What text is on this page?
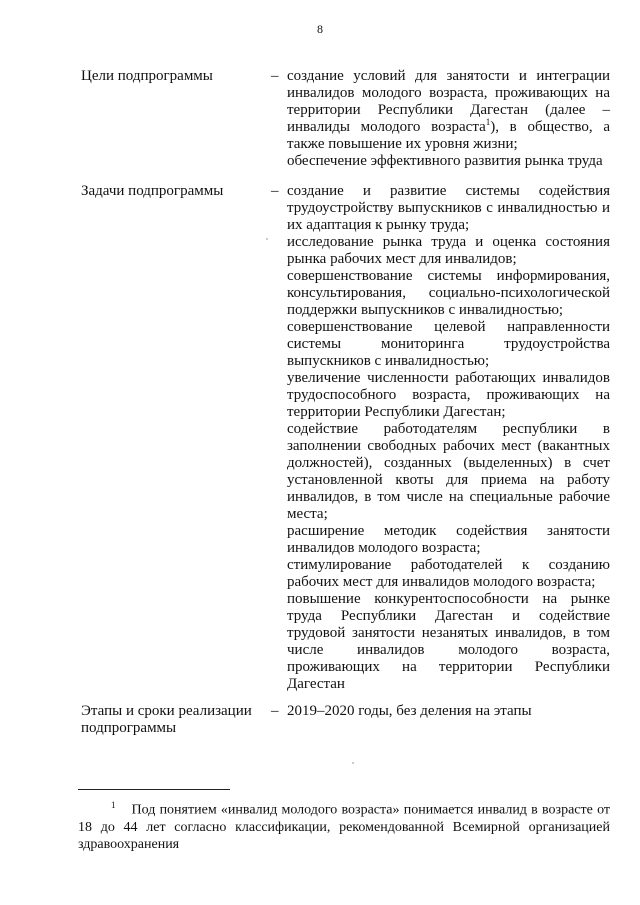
8
Цели подпрограммы	– создание условий для занятости и интеграции инвалидов молодого возраста, проживающих на территории Республики Дагестан (далее – инвалиды молодого возраста$^1$), в общество, а также повышение их уровня жизни;

обеспечение эффективного развития рынка труда

Задачи подпрограммы	– создание и развитие системы содействия трудоустройству выпускников с инвалидностью и их адаптация к рынку труда;

исследование рынка труда и оценка состояния рынка рабочих мест для инвалидов;

совершенствование системы информирования, консультирования, социально-психологической поддержки выпускников с инвалидностью;

совершенствование целевой направленности системы мониторинга трудоустройства выпускников с инвалидностью;

увеличение численности работающих инвалидов трудоспособного возраста, проживающих на территории Республики Дагестан;

содействие работодателям республики в заполнении свободных рабочих мест (вакантных должностей), созданных (выделенных) в счет установленной квоты для приема на работу инвалидов, в том числе на специальные рабочие места;

расширение методик содействия занятости инвалидов молодого возраста;

стимулирование работодателей к созданию рабочих мест для инвалидов молодого возраста;

повышение конкурентоспособности на рынке труда Республики Дагестан и содействие трудовой занятости незанятых инвалидов, в том числе инвалидов молодого возраста, проживающих на территории Республики Дагестан

Этапы и сроки реализации подпрограммы
– 2019–2020 годы, без деления на этапы

$^1$ Под понятием «инвалид молодого возраста» понимается инвалид в возрасте от 18 до 44 лет согласно классификации, рекомендованной Всемирной организацией здравоохранения
